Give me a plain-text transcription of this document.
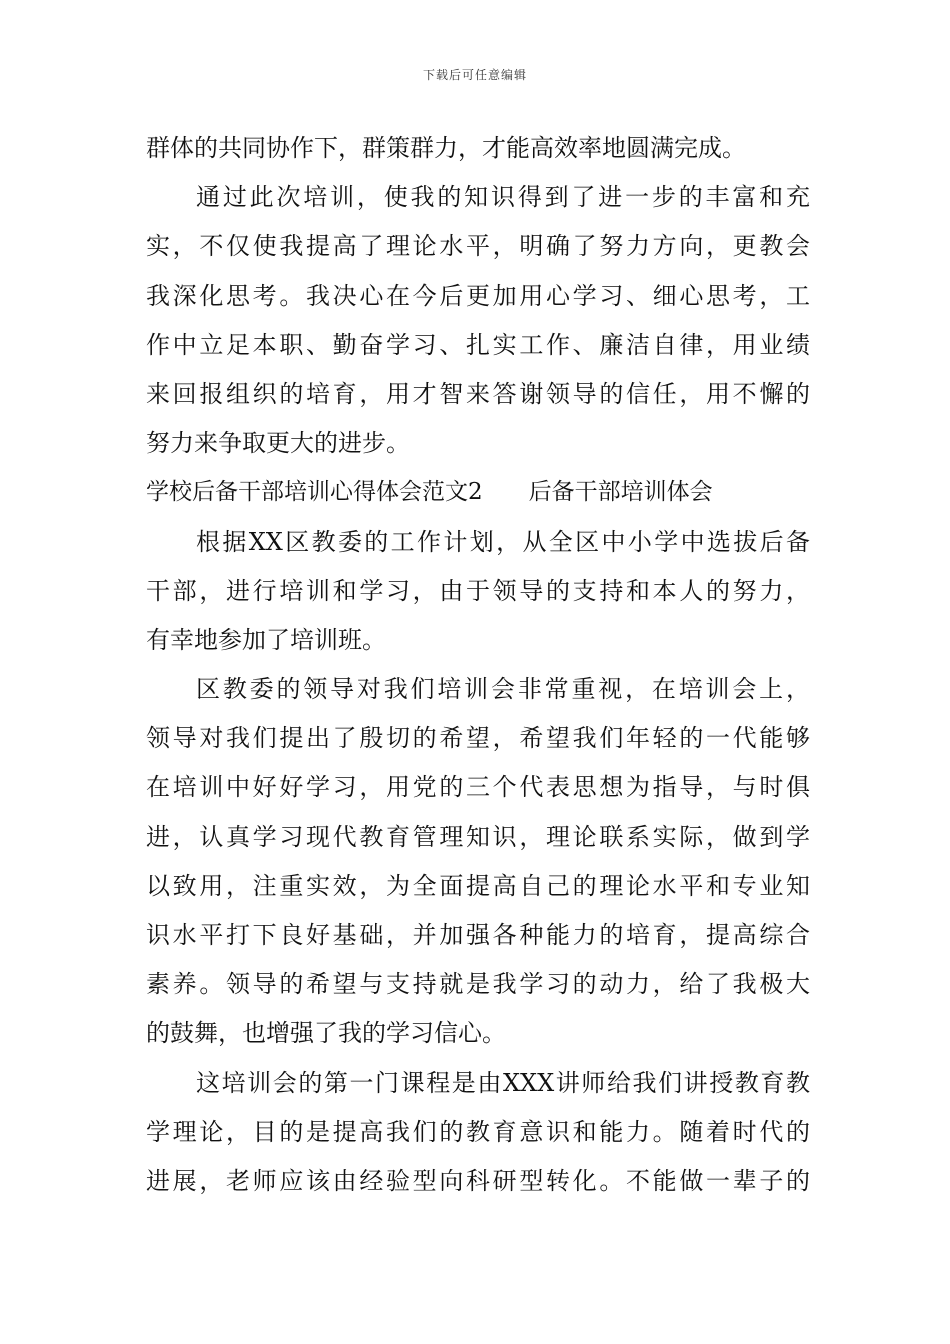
下载后可任意编辑
群体的共同协作下，群策群力，才能高效率地圆满完成。
通过此次培训，使我的知识得到了进一步的丰富和充
实，不仅使我提高了理论水平，明确了努力方向，更教会
我深化思考。我决心在今后更加用心学习、细心思考，工
作中立足本职、勤奋学习、扎实工作、廉洁自律，用业绩
来回报组织的培育，用才智来答谢领导的信任，用不懈的
努力来争取更大的进步。
学校后备干部培训心得体会范文2 后备干部培训体会
根据XX区教委的工作计划，从全区中小学中选拔后备
干部，进行培训和学习，由于领导的支持和本人的努力，
有幸地参加了培训班。
区教委的领导对我们培训会非常重视，在培训会上，
领导对我们提出了殷切的希望，希望我们年轻的一代能够
在培训中好好学习，用党的三个代表思想为指导，与时俱
进，认真学习现代教育管理知识，理论联系实际，做到学
以致用，注重实效，为全面提高自己的理论水平和专业知
识水平打下良好基础，并加强各种能力的培育，提高综合
素养。领导的希望与支持就是我学习的动力，给了我极大
的鼓舞，也增强了我的学习信心。
这培训会的第一门课程是由XXX讲师给我们讲授教育教
学理论，目的是提高我们的教育意识和能力。随着时代的
进展，老师应该由经验型向科研型转化。不能做一辈子的
